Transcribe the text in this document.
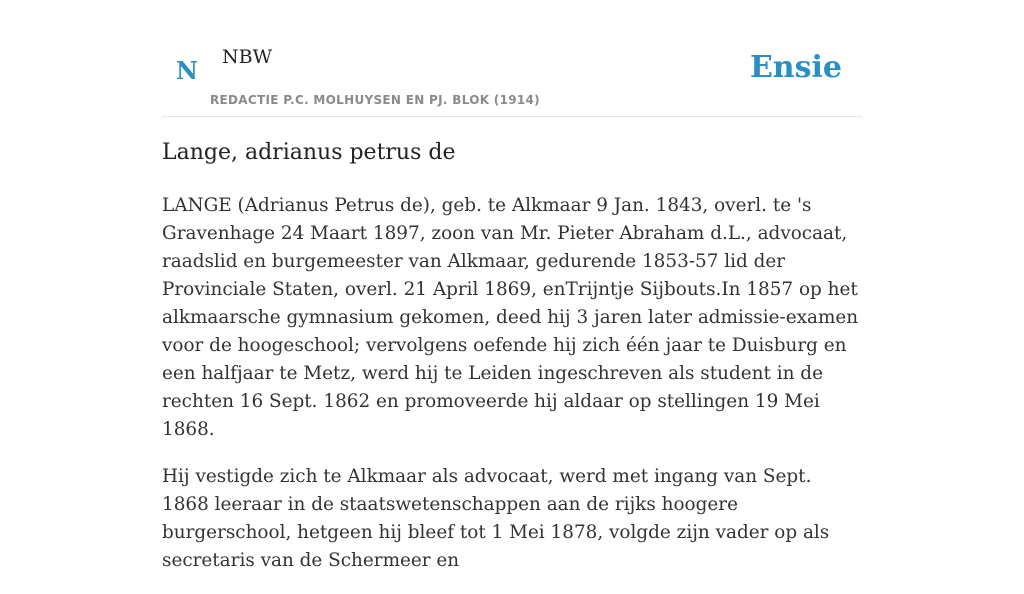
N NBW
REDACTIE P.C. MOLHUYSEN EN PJ. BLOK (1914)
Ensie
Lange, adrianus petrus de

LANGE (Adrianus Petrus de), geb. te Alkmaar 9 Jan. 1843, overl. te 's Gravenhage 24 Maart 1897, zoon van Mr. Pieter Abraham d.L., advocaat, raadslid en burgemeester van Alkmaar, gedurende 1853-57 lid der Provinciale Staten, overl. 21 April 1869, enTrijntje Sijbouts.In 1857 op het alkmaarsche gymnasium gekomen, deed hij 3 jaren later admissie-examen voor de hoogeschool; vervolgens oefende hij zich één jaar te Duisburg en een halfjaar te Metz, werd hij te Leiden ingeschreven als student in de rechten 16 Sept. 1862 en promoveerde hij aldaar op stellingen 19 Mei 1868.

Hij vestigde zich te Alkmaar als advocaat, werd met ingang van Sept. 1868 leeraar in de staatswetenschappen aan de rijks hoogere burgerschool, hetgeen hij bleef tot 1 Mei 1878, volgde zijn vader op als secretaris van de Schermeer en
